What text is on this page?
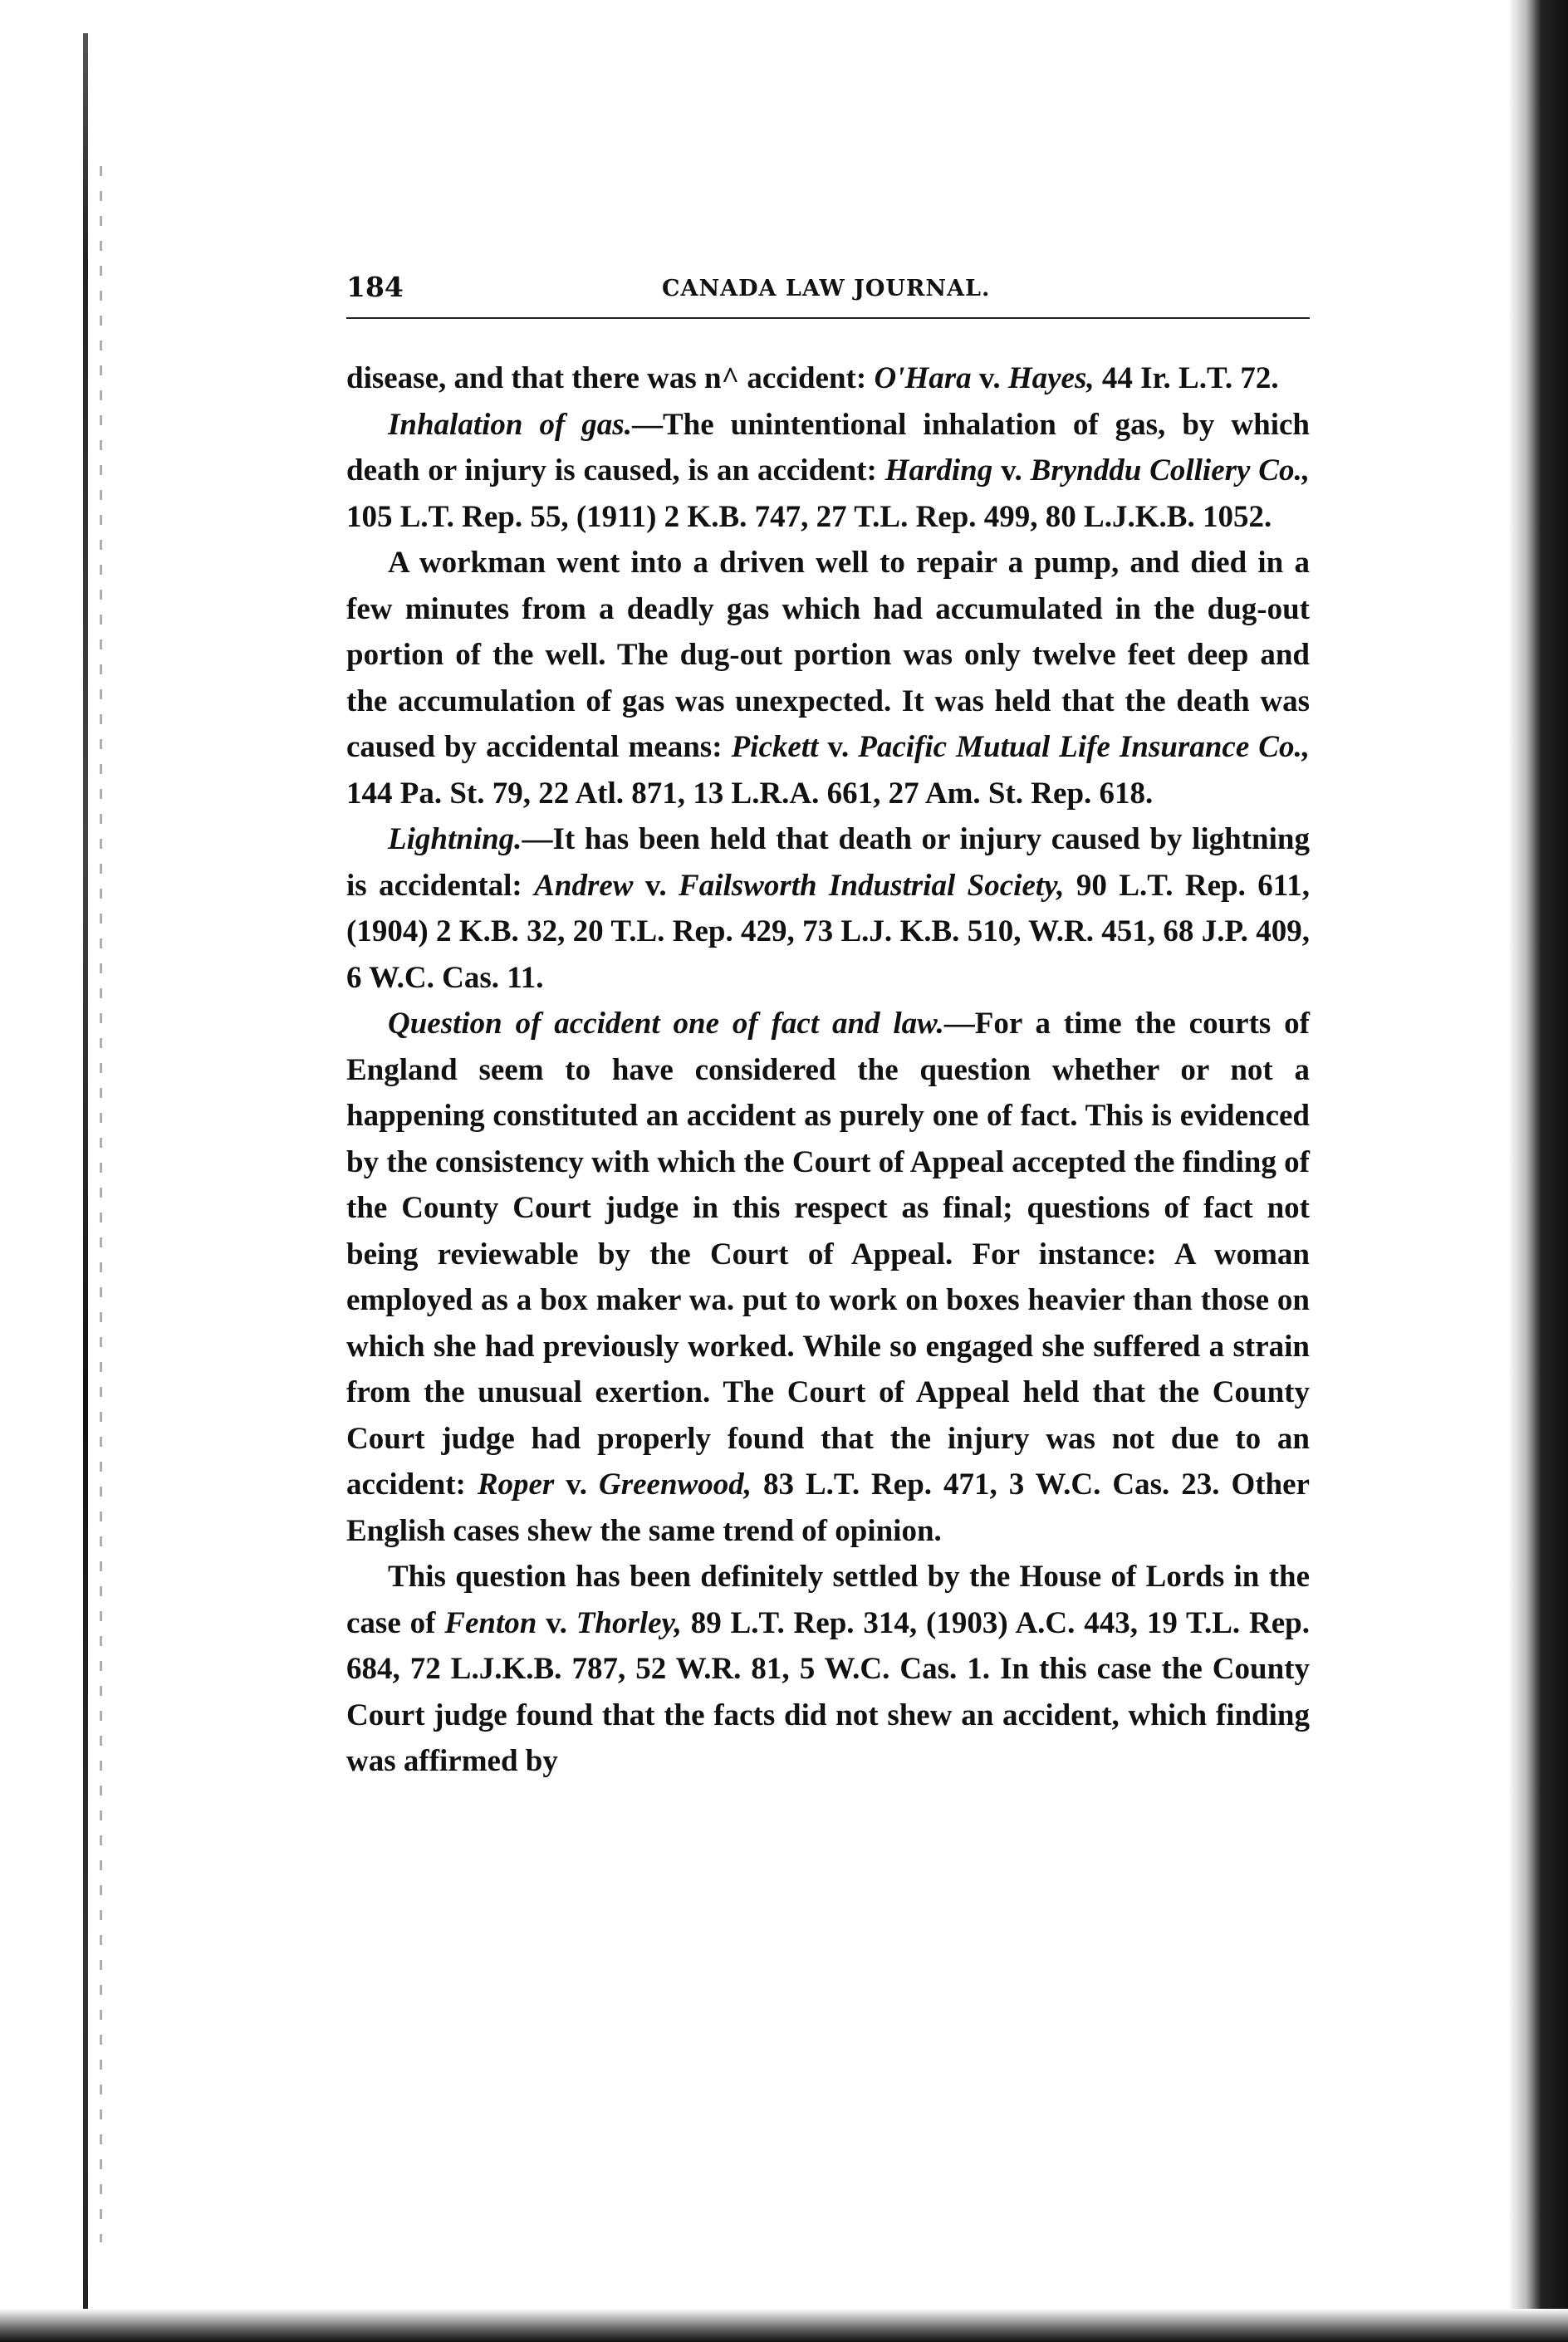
184	CANADA LAW JOURNAL.

disease, and that there was n^ accident: O'Hara v. Hayes, 44 Ir. L.T. 72.

Inhalation of gas.—The unintentional inhalation of gas, by which death or injury is caused, is an accident: Harding v. Brynddu Colliery Co., 105 L.T. Rep. 55, (1911) 2 K.B. 747, 27 T.L. Rep. 499, 80 L.J.K.B. 1052.

A workman went into a driven well to repair a pump, and died in a few minutes from a deadly gas which had accumulated in the dug-out portion of the well. The dug-out portion was only twelve feet deep and the accumulation of gas was unexpected. It was held that the death was caused by accidental means: Pickett v. Pacific Mutual Life Insurance Co., 144 Pa. St. 79, 22 Atl. 871, 13 L.R.A. 661, 27 Am. St. Rep. 618.

Lightning.—It has been held that death or injury caused by lightning is accidental: Andrew v. Failsworth Industrial Society, 90 L.T. Rep. 611, (1904) 2 K.B. 32, 20 T.L. Rep. 429, 73 L.J. K.B. 510, W.R. 451, 68 J.P. 409, 6 W.C. Cas. 11.

Question of accident one of fact and law.—For a time the courts of England seem to have considered the question whether or not a happening constituted an accident as purely one of fact. This is evidenced by the consistency with which the Court of Appeal accepted the finding of the County Court judge in this respect as final; questions of fact not being reviewable by the Court of Appeal. For instance: A woman employed as a box maker wa. put to work on boxes heavier than those on which she had previously worked. While so engaged she suffered a strain from the unusual exertion. The Court of Appeal held that the County Court judge had properly found that the injury was not due to an accident: Roper v. Greenwood, 83 L.T. Rep. 471, 3 W.C. Cas. 23. Other English cases shew the same trend of opinion.

This question has been definitely settled by the House of Lords in the case of Fenton v. Thorley, 89 L.T. Rep. 314, (1903) A.C. 443, 19 T.L. Rep. 684, 72 L.J.K.B. 787, 52 W.R. 81, 5 W.C. Cas. 1. In this case the County Court judge found that the facts did not shew an accident, which finding was affirmed by
